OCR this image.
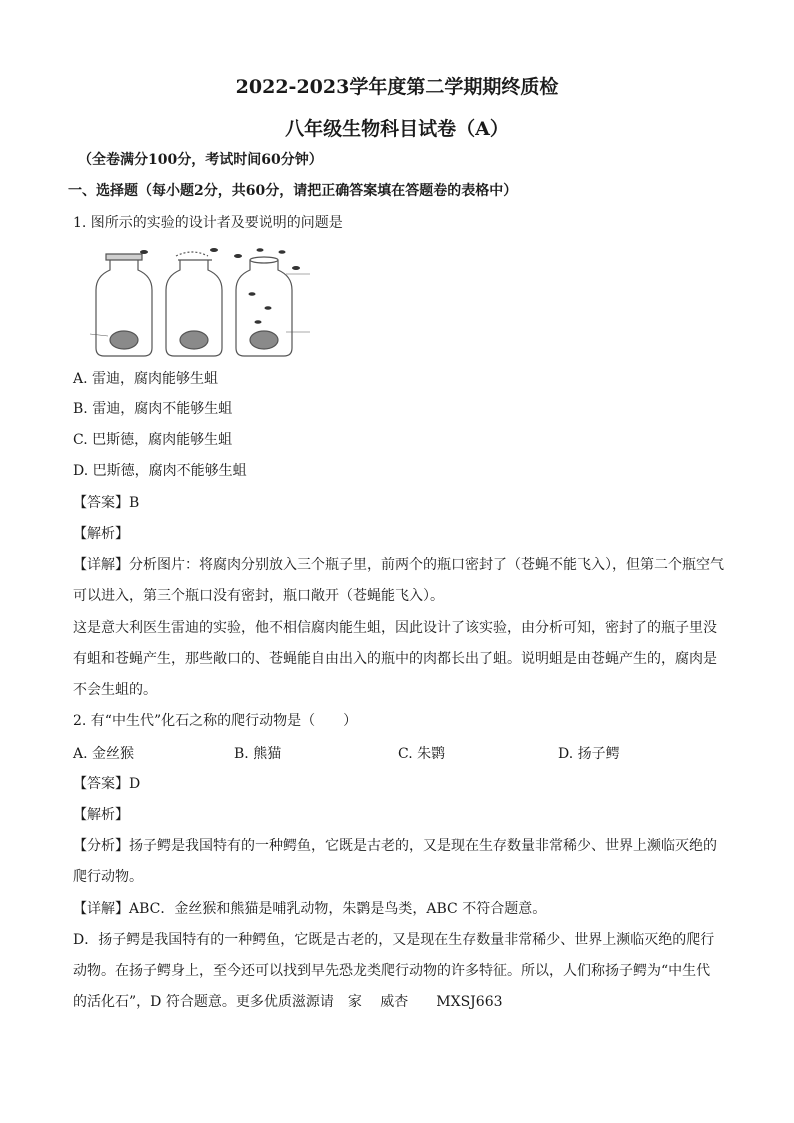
2022-2023学年度第二学期期终质检
八年级生物科目试卷（A）
（全卷满分100分，考试时间60分钟）
一、选择题（每小题2分，共60分，请把正确答案填在答题卷的表格中）
1. 图所示的实验的设计者及要说明的问题是
A. 雷迪，腐肉能够生蛆
B. 雷迪，腐肉不能够生蛆
C. 巴斯德，腐肉能够生蛆
D. 巴斯德，腐肉不能够生蛆
【答案】B
【解析】
【详解】分析图片：将腐肉分别放入三个瓶子里，前两个的瓶口密封了（苍蝇不能飞入），但第二个瓶空气
可以进入，第三个瓶口没有密封，瓶口敞开（苍蝇能飞入）。
这是意大利医生雷迪的实验，他不相信腐肉能生蛆，因此设计了该实验，由分析可知，密封了的瓶子里没
有蛆和苍蝇产生，那些敞口的、苍蝇能自由出入的瓶中的肉都长出了蛆。说明蛆是由苍蝇产生的，腐肉是
不会生蛆的。
2. 有“中生代”化石之称的爬行动物是（　　）
A. 金丝猴	B. 熊猫	C. 朱鹮	D. 扬子鳄
【答案】D
【解析】
【分析】扬子鳄是我国特有的一种鳄鱼，它既是古老的，又是现在生存数量非常稀少、世界上濒临灭绝的
爬行动物。
【详解】ABC．金丝猴和熊猫是哺乳动物，朱鹮是鸟类，ABC 不符合题意。
D．扬子鳄是我国特有的一种鳄鱼，它既是古老的，又是现在生存数量非常稀少、世界上濒临灭绝的爬行
动物。在扬子鳄身上，至今还可以找到早先恐龙类爬行动物的许多特征。所以，人们称扬子鳄为“中生代
的活化石”，D 符合题意。更多优质滋源请　家　 威杏　　MXSJ663
